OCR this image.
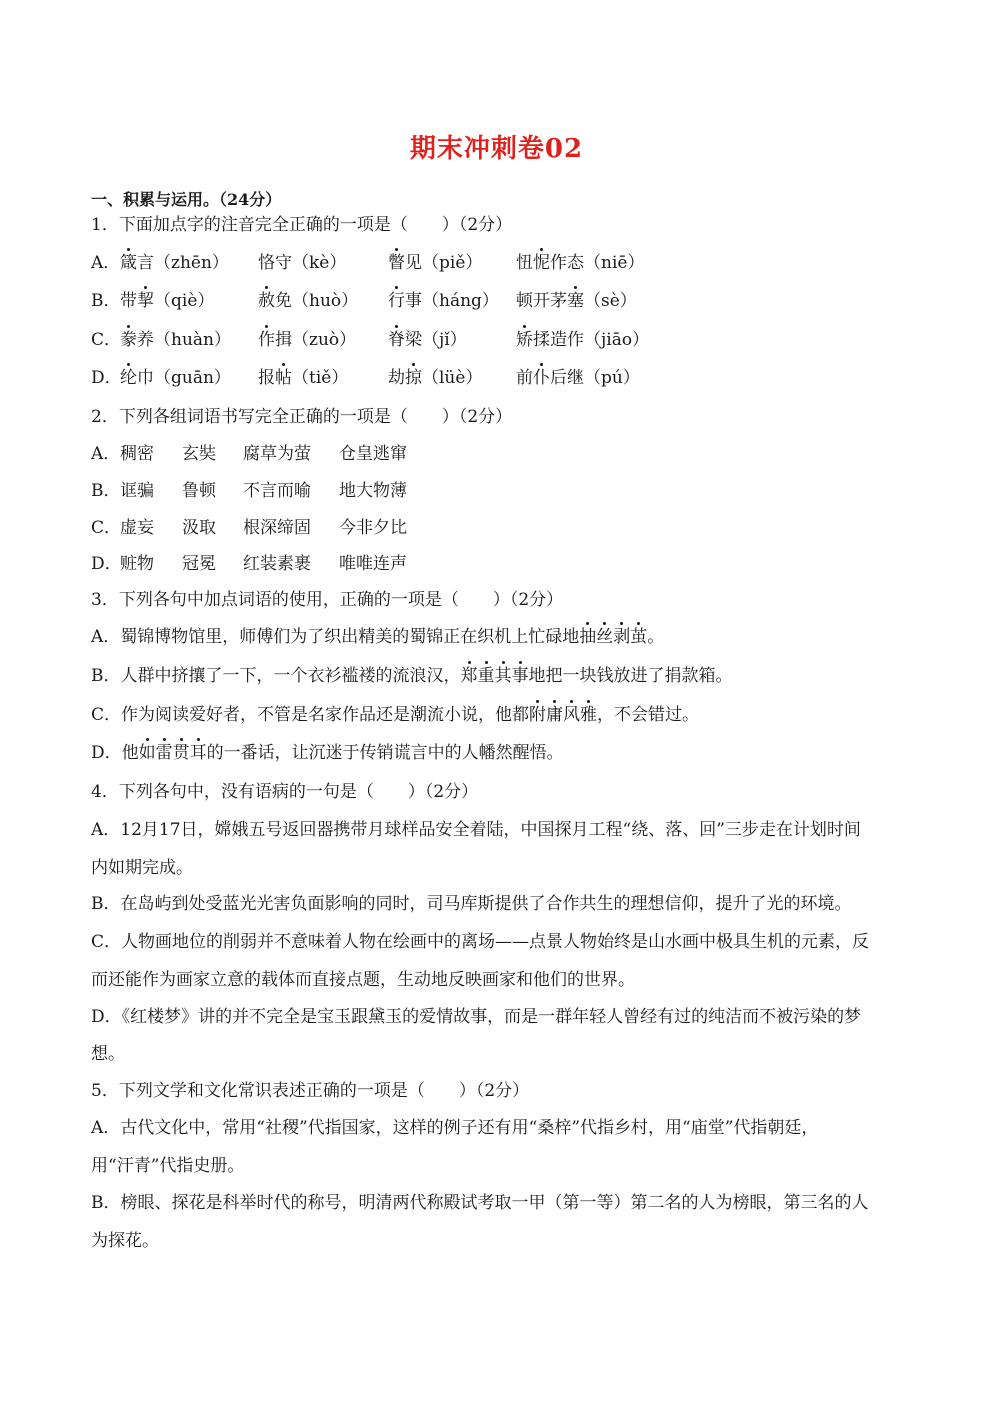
期末冲刺卷02
一、积累与运用。（24分）
1．下面加点字的注音完全正确的一项是（　　）（2分）
A． 箴言（zhēn） 恪守（kè） 瞥见（piě） 忸怩作态（niē）
B． 带挈（qiè）	赦免（huò） 行事（háng） 顿开茅塞（sè）
C．
豢养（huàn） 作揖（zuò） 脊梁（jǐ）	矫揉造作（jiāo）
D．
纶巾（guān） 报帖（tiě） 劫掠（lüè） 前仆后继（pú）
2．下列各组词语书写完全正确的一项是（　　）（2分）
A． 稠密 玄奘 腐草为萤 仓皇逃窜
B． 诓骗 鲁顿 不言而喻 地大物薄
C．
虚妄 汲取 根深缔固 今非夕比
D．
赃物 冠冕 红装素裹 唯唯连声
3．下列各句中加点词语的使用，正确的一项是（　　）（2分）
A．蜀锦博物馆里，师傅们为了织出精美的蜀锦正在织机上忙碌地抽丝剥茧。
B．人群中挤攘了一下，一个衣衫褴褛的流浪汉，郑重其事地把一块钱放进了捐款箱。
C．作为阅读爱好者，不管是名家作品还是潮流小说，他都附庸风雅，不会错过。
D．他如雷贯耳的一番话，让沉迷于传销谎言中的人幡然醒悟。
4．下列各句中，没有语病的一句是（　　）（2分）
A．12月17日，嫦娥五号返回器携带月球样品安全着陆，中国探月工程“绕、落、回”三步走在计划时间
内如期完成。
B．在岛屿到处受蓝光光害负面影响的同时，司马库斯提供了合作共生的理想信仰，提升了光的环境。
C．人物画地位的削弱并不意味着人物在绘画中的离场——点景人物始终是山水画中极具生机的元素，反
而还能作为画家立意的载体而直接点题，生动地反映画家和他们的世界。
D．《红楼梦》讲的并不完全是宝玉跟黛玉的爱情故事，而是一群年轻人曾经有过的纯洁而不被污染的梦
想。
5．下列文学和文化常识表述正确的一项是（　　）（2分）
A．古代文化中，常用“社稷”代指国家，这样的例子还有用“桑梓”代指乡村，用“庙堂”代指朝廷，
用“汗青”代指史册。
B．榜眼、探花是科举时代的称号，明清两代称殿试考取一甲（第一等）第二名的人为榜眼，第三名的人
为探花。
